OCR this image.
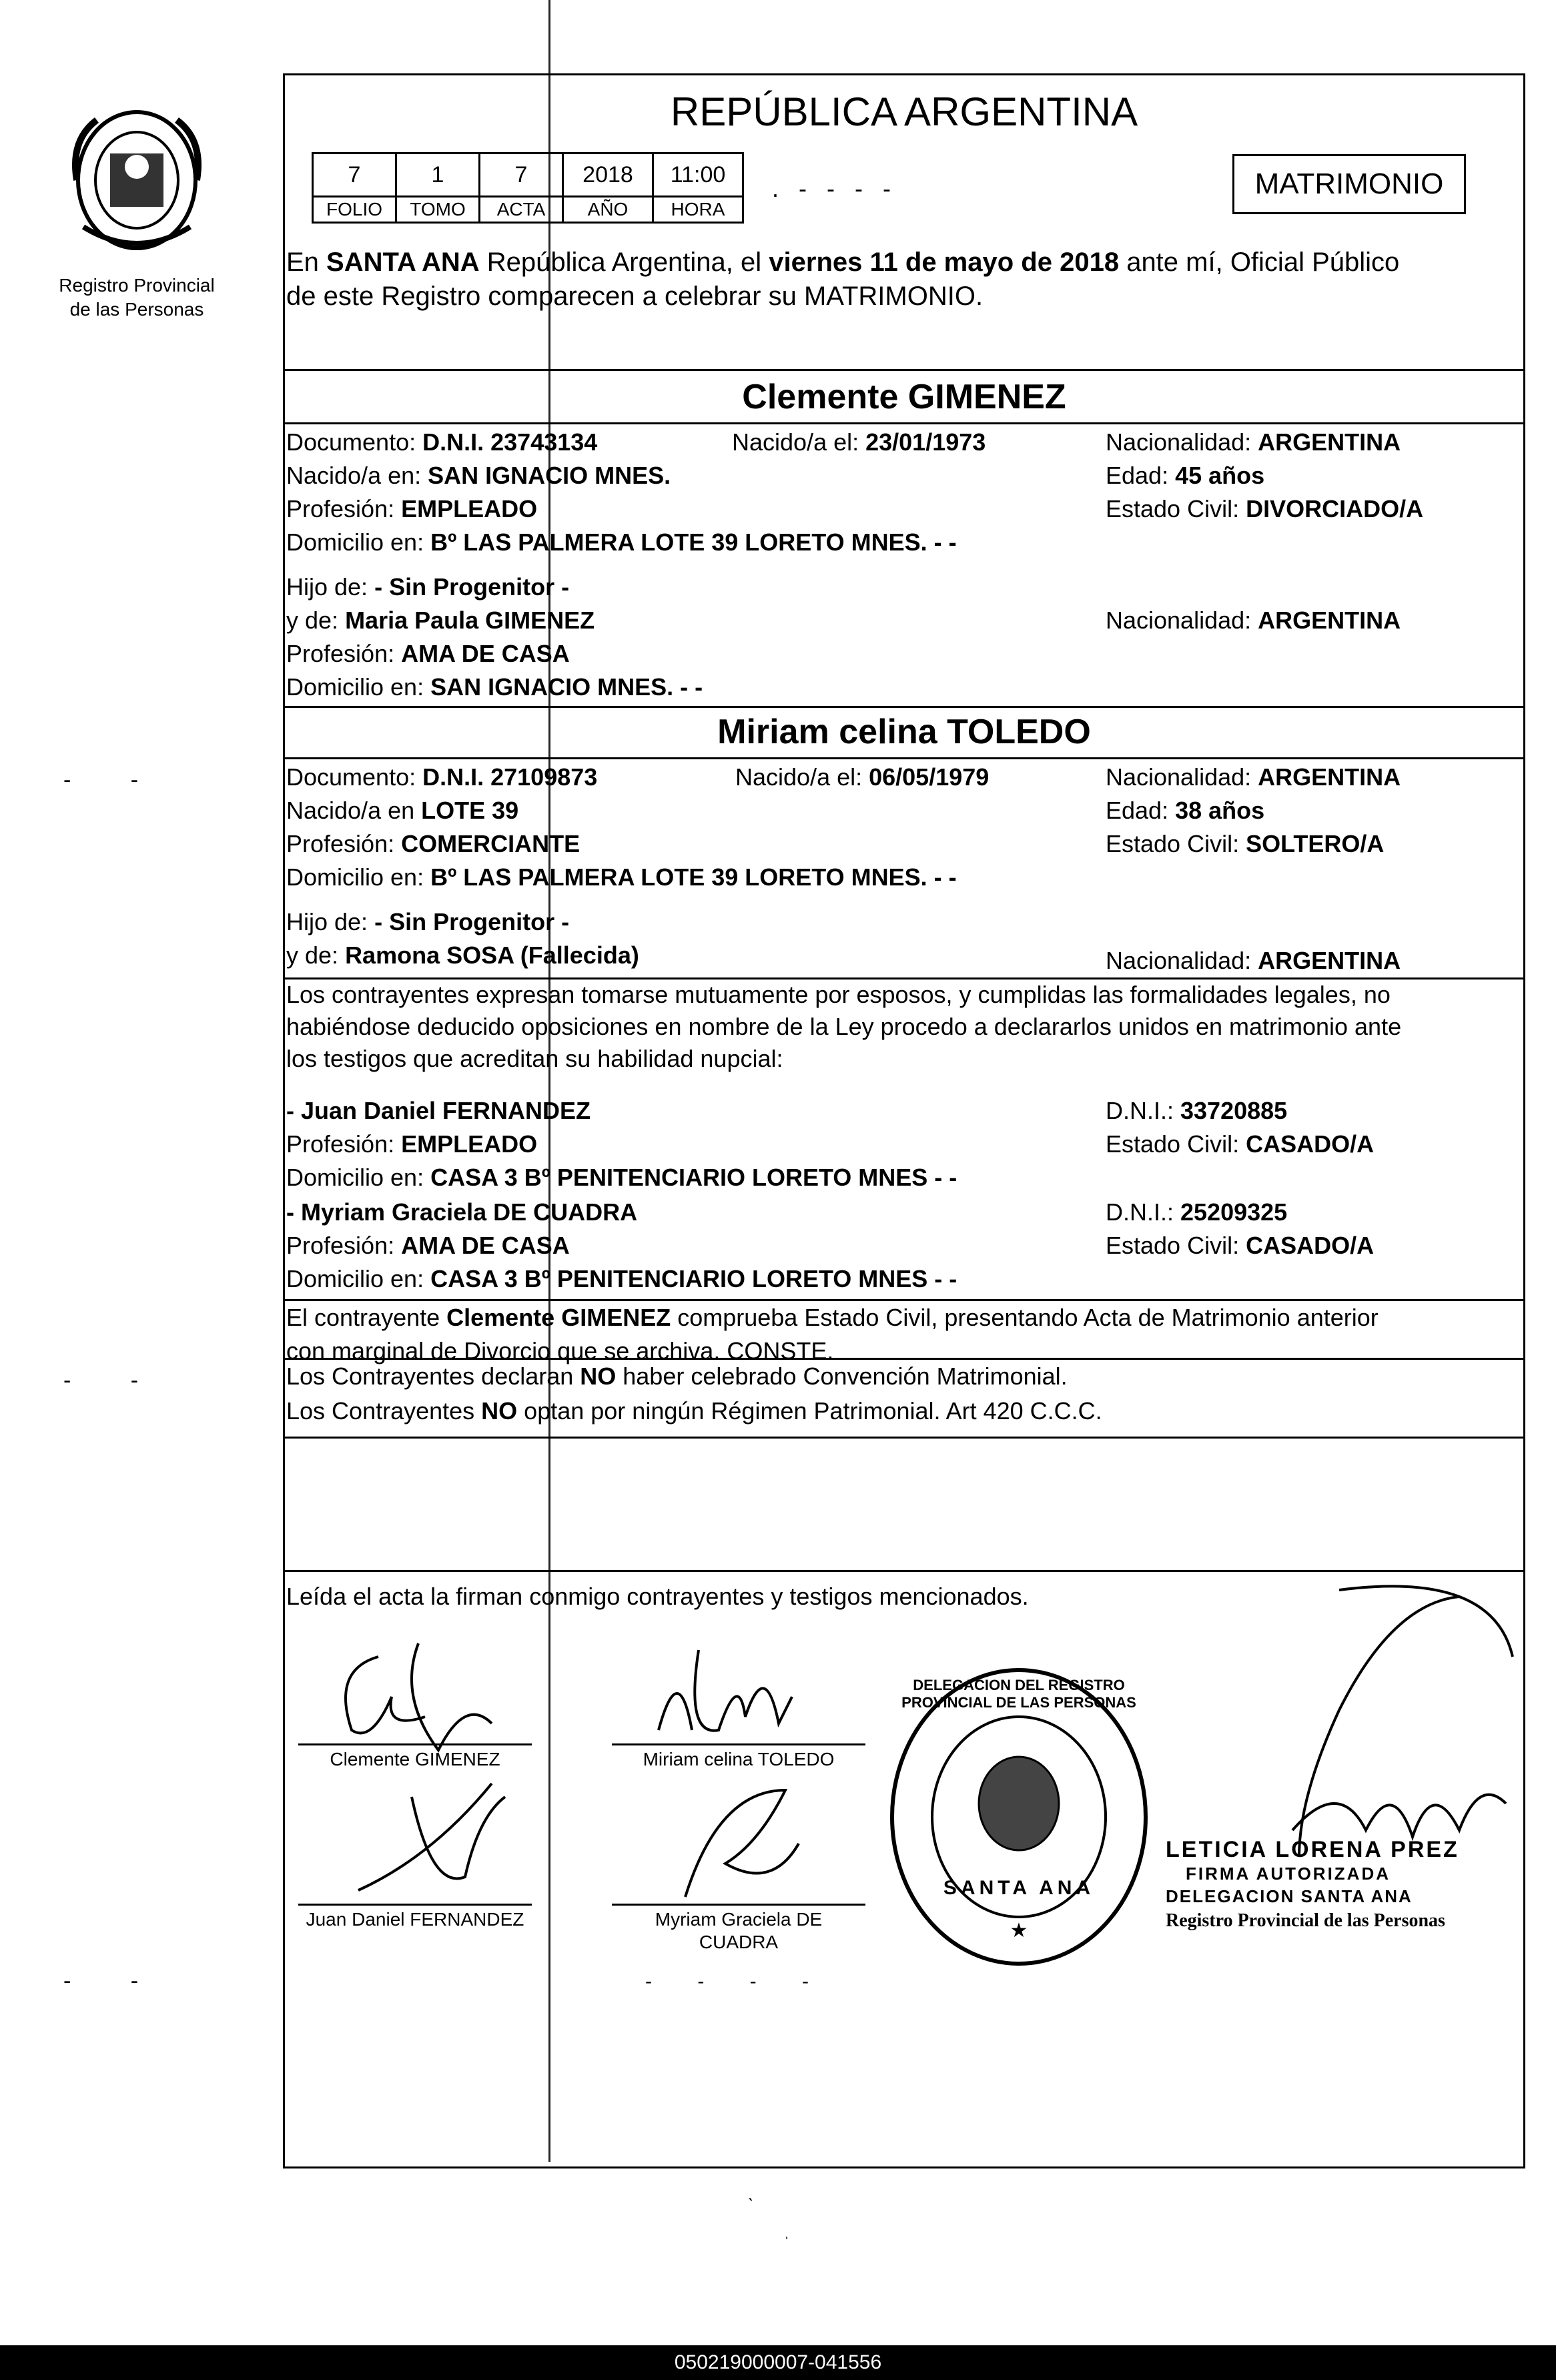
Registro Provincial
de las Personas
- -
- -
- -
REPÚBLICA ARGENTINA
7	1	7	2018	11:00
FOLIO	TOMO	ACTA	AÑO	HORA
. - - - -	MATRIMONIO
En SANTA ANA República Argentina, el viernes 11 de mayo de 2018 ante mí, Oficial Público
de este Registro comparecen a celebrar su MATRIMONIO.
Clemente GIMENEZ
Documento: D.N.I. 23743134	Nacido/a el: 23/01/1973	Nacionalidad: ARGENTINA
Nacido/a en: SAN IGNACIO MNES.	Edad: 45 años
Profesión: EMPLEADO	Estado Civil: DIVORCIADO/A
Domicilio en: Bº LAS PALMERA LOTE 39 LORETO MNES. - -
Hijo de: - Sin Progenitor -
y de: Maria Paula GIMENEZ	Nacionalidad: ARGENTINA
Profesión: AMA DE CASA
Domicilio en: SAN IGNACIO MNES. - -
Miriam celina TOLEDO
Documento: D.N.I. 27109873	Nacido/a el: 06/05/1979	Nacionalidad: ARGENTINA
Nacido/a en LOTE 39	Edad: 38 años
Profesión: COMERCIANTE	Estado Civil: SOLTERO/A
Domicilio en: Bº LAS PALMERA LOTE 39 LORETO MNES. - -
Hijo de: - Sin Progenitor -
y de: Ramona SOSA (Fallecida)	Nacionalidad: ARGENTINA
Los contrayentes expresan tomarse mutuamente por esposos, y cumplidas las formalidades legales, no
habiéndose deducido oposiciones en nombre de la Ley procedo a declararlos unidos en matrimonio ante
los testigos que acreditan su habilidad nupcial:
- Juan Daniel FERNANDEZ	D.N.I.: 33720885
Profesión: EMPLEADO	Estado Civil: CASADO/A
Domicilio en: CASA 3 Bº PENITENCIARIO LORETO MNES - -
- Myriam Graciela DE CUADRA	D.N.I.: 25209325
Profesión: AMA DE CASA	Estado Civil: CASADO/A
Domicilio en: CASA 3 Bº PENITENCIARIO LORETO MNES - -
El contrayente Clemente GIMENEZ comprueba Estado Civil, presentando Acta de Matrimonio anterior
con marginal de Divorcio que se archiva. CONSTE.
Los Contrayentes declaran NO haber celebrado Convención Matrimonial.
Los Contrayentes NO optan por ningún Régimen Patrimonial. Art 420 C.C.C.
Leída el acta la firman conmigo contrayentes y testigos mencionados.
Clemente GIMENEZ	Miriam celina TOLEDO
Juan Daniel FERNANDEZ	Myriam Graciela DE
CUADRA
★
DELEGACION DEL REGISTRO PROVINCIAL DE LAS PERSONAS
SANTA ANA
LETICIA LORENA PREZ
FIRMA AUTORIZADA
DELEGACION SANTA ANA
Registro Provincial de las Personas
- - - -
ˋ
ˌ
050219000007-041556
